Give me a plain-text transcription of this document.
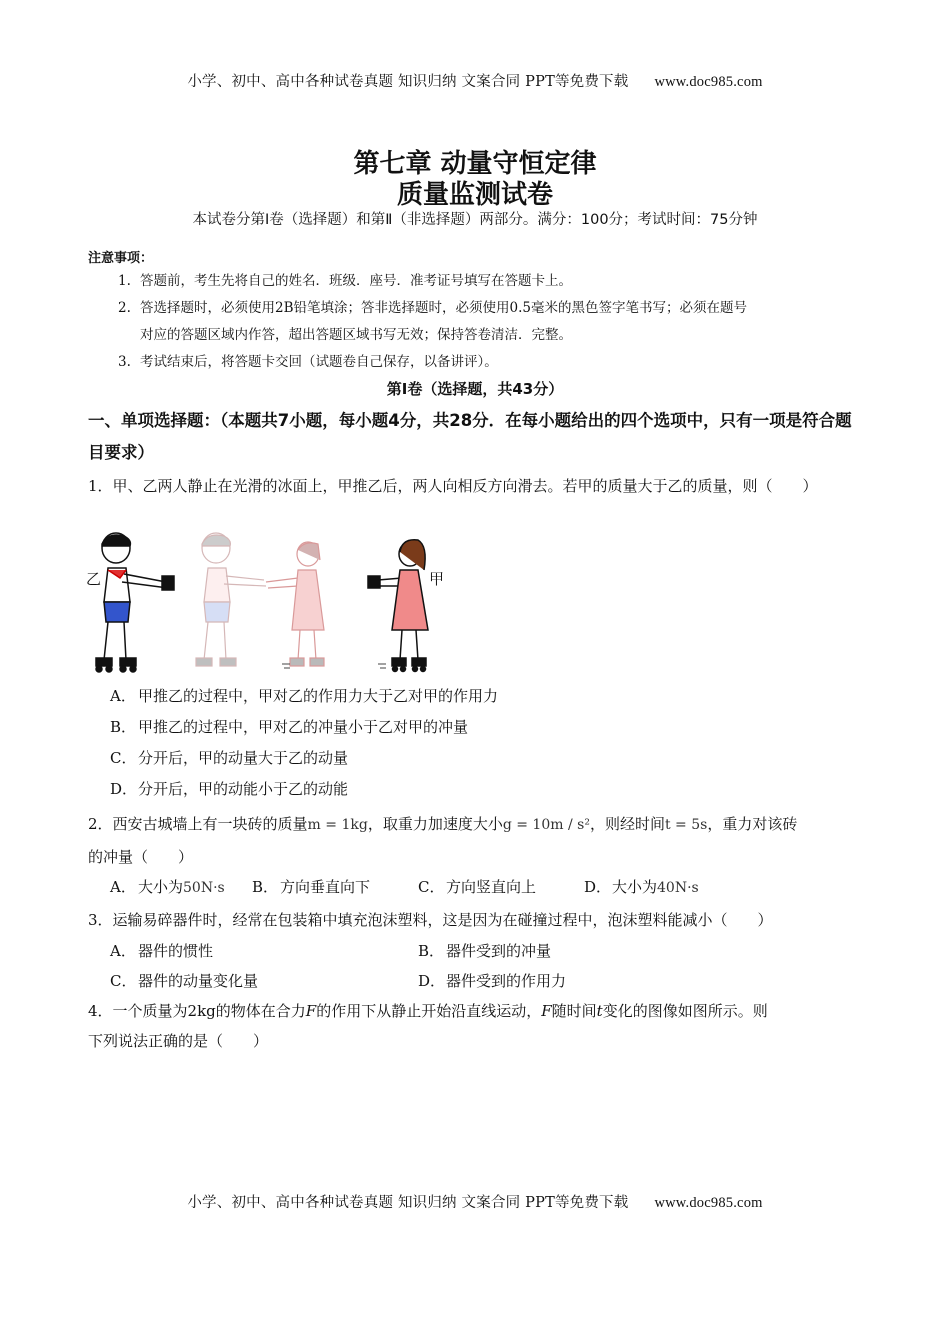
小学、初中、高中各种试卷真题 知识归纳 文案合同 PPT等免费下载 www.doc985.com
第七章 动量守恒定律
质量监测试卷
本试卷分第Ⅰ卷（选择题）和第Ⅱ（非选择题）两部分。满分：100分；考试时间：75分钟
注意事项：
1. 答题前，考生先将自己的姓名．班级．座号．准考证号填写在答题卡上。
2. 答选择题时，必须使用2B铅笔填涂；答非选择题时，必须使用0.5毫米的黑色签字笔书写；必须在题号
对应的答题区域内作答，超出答题区域书写无效；保持答卷清洁．完整。
3. 考试结束后，将答题卡交回（试题卷自己保存，以备讲评）。
第Ⅰ卷（选择题，共43分）
一、单项选择题：（本题共7小题，每小题4分，共28分．在每小题给出的四个选项中，只有一项是符合题目要求）
1．甲、乙两人静止在光滑的冰面上，甲推乙后，两人向相反方向滑去。若甲的质量大于乙的质量，则（　　）
乙	甲
A． 甲推乙的过程中，甲对乙的作用力大于乙对甲的作用力
B． 甲推乙的过程中，甲对乙的冲量小于乙对甲的冲量
C． 分开后，甲的动量大于乙的动量
D．分开后，甲的动能小于乙的动能
2．西安古城墙上有一块砖的质量m = 1kg，取重力加速度大小g = 10m / s²，则经时间t = 5s，重力对该砖
的冲量（　　）
A． 大小为50N·s B． 方向垂直向下	C． 方向竖直向上	D．大小为40N·s
3．运输易碎器件时，经常在包装箱中填充泡沫塑料，这是因为在碰撞过程中，泡沫塑料能减小（　　）
A． 器件的惯性	B． 器件受到的冲量
C． 器件的动量变化量	D．器件受到的作用力
4．一个质量为2kg的物体在合力F的作用下从静止开始沿直线运动，F随时间t变化的图像如图所示。则
下列说法正确的是（　　）
小学、初中、高中各种试卷真题 知识归纳 文案合同 PPT等免费下载 www.doc985.com
